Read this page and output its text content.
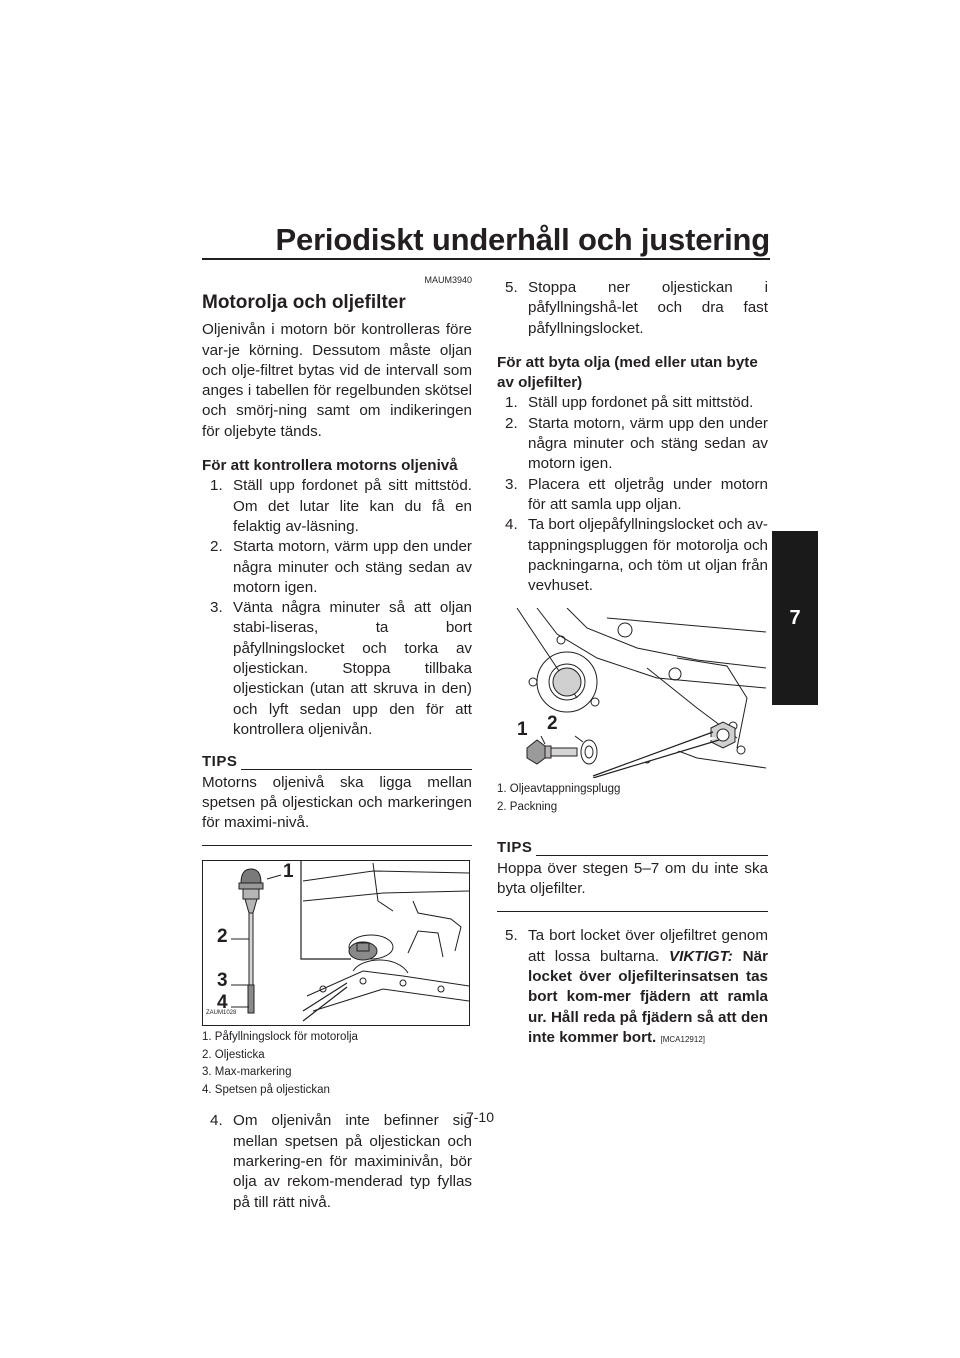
Periodiskt underhåll och justering
7
MAUM3940
Motorolja och oljefilter

Oljenivån i motorn bör kontrolleras före var-je körning. Dessutom måste oljan och olje-filtret bytas vid de intervall som anges i tabellen för regelbunden skötsel och smörj-ning samt om indikeringen för oljebyte tänds.

För att kontrollera motorns oljenivå

1. Ställ upp fordonet på sitt mittstöd. Om det lutar lite kan du få en felaktig av-läsning.
2. Starta motorn, värm upp den under några minuter och stäng sedan av motorn igen.
3. Vänta några minuter så att oljan stabi-liseras, ta bort påfyllningslocket och torka av oljestickan. Stoppa tillbaka oljestickan (utan att skruva in den) och lyft sedan upp den för att kontrollera oljenivån.
TIPS

Motorns oljenivå ska ligga mellan spetsen på oljestickan och markeringen för maximi-nivå.

1
2
3
4
ZAUM1028
1. Påfyllningslock för motorolja
2. Oljesticka
3. Max-markering
4. Spetsen på oljestickan
4. Om oljenivån inte befinner sig mellan spetsen på oljestickan och markering-en för maximinivån, bör olja av rekom-menderad typ fyllas på till rätt nivå.
5. Stoppa ner oljestickan i påfyllningshå-let och dra fast påfyllningslocket.

För att byta olja (med eller utan byte av oljefilter)

1. Ställ upp fordonet på sitt mittstöd.
2. Starta motorn, värm upp den under några minuter och stäng sedan av motorn igen.
3. Placera ett oljetråg under motorn för att samla upp oljan.
4. Ta bort oljepåfyllningslocket och av-tappningspluggen för motorolja och packningarna, och töm ut oljan från vevhuset.
1 2
1. Oljeavtappningsplugg
2. Packning
TIPS

Hoppa över stegen 5–7 om du inte ska byta oljefilter.

5. Ta bort locket över oljefiltret genom att lossa bultarna. VIKTIGT: När locket över oljefilterinsatsen tas bort kom-mer fjädern att ramla ur. Håll reda på fjädern så att den inte kommer bort. [MCA12912]
7-10
